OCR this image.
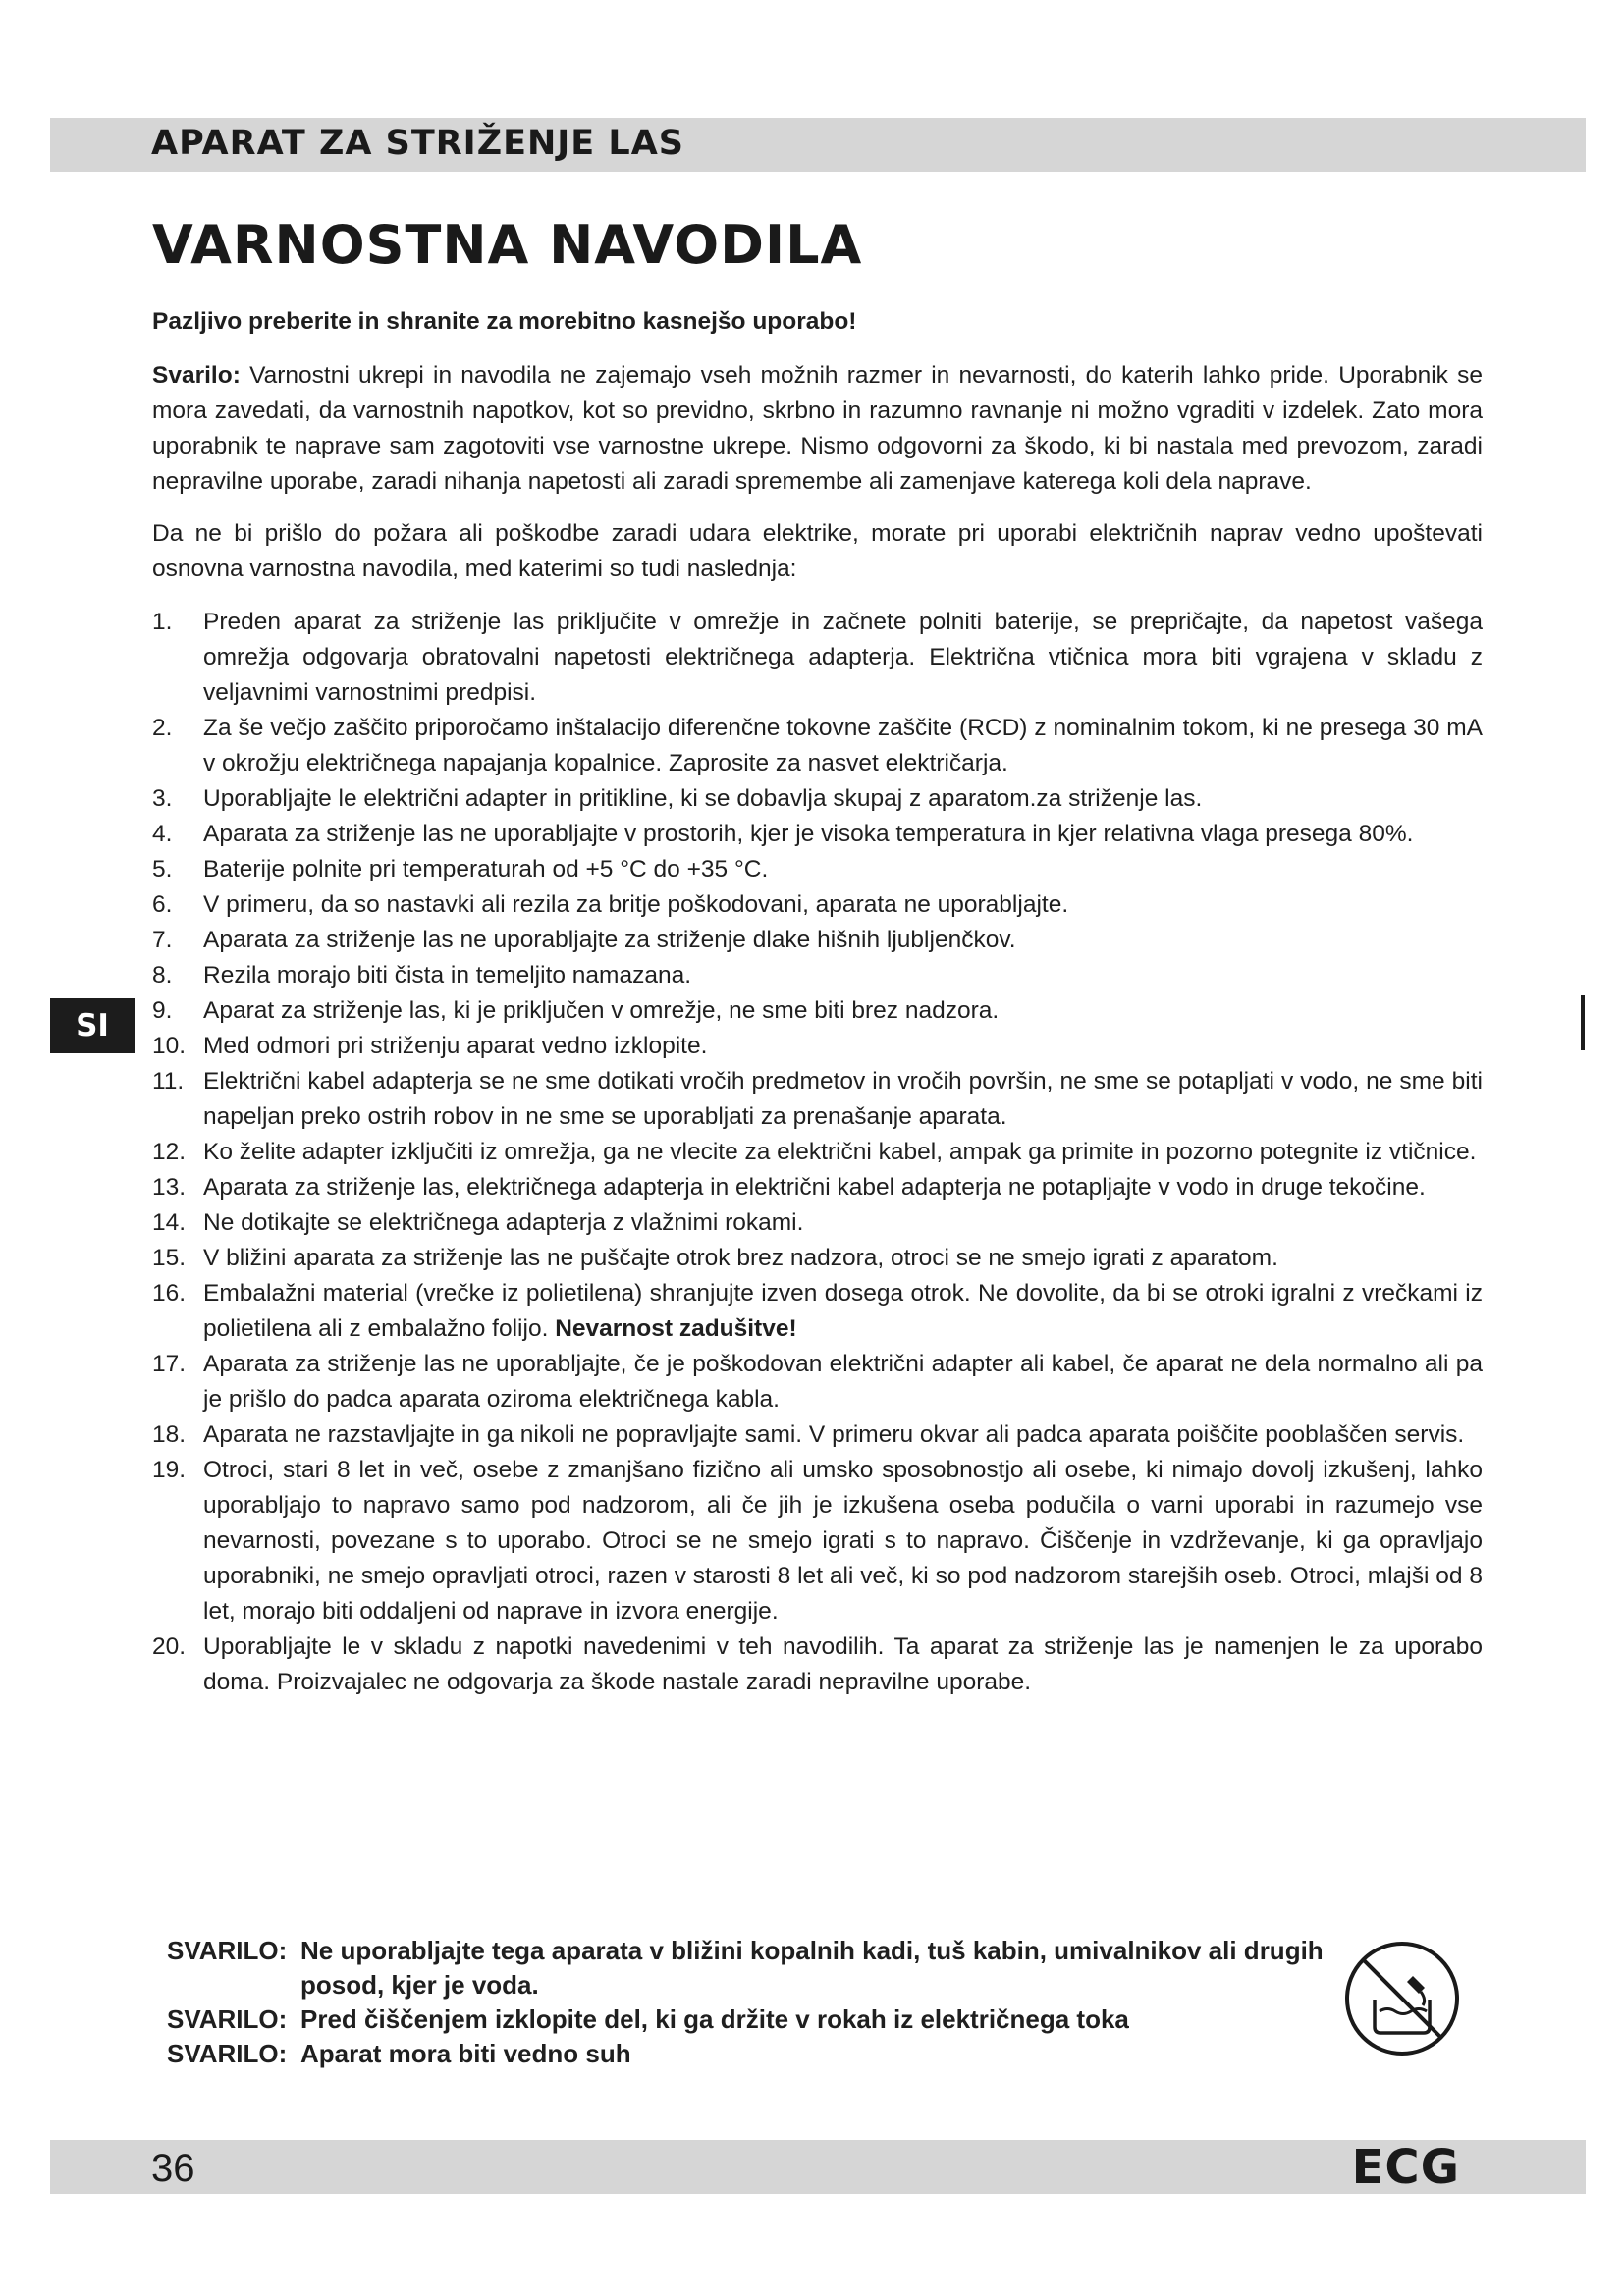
APARAT ZA STRIŽENJE LAS
VARNOSTNA NAVODILA

Pazljivo preberite in shranite za morebitno kasnejšo uporabo!

Svarilo: Varnostni ukrepi in navodila ne zajemajo vseh možnih razmer in nevarnosti, do katerih lahko pride. Uporabnik se mora zavedati, da varnostnih napotkov, kot so previdno, skrbno in razumno ravnanje ni možno vgraditi v izdelek. Zato mora uporabnik te naprave sam zagotoviti vse varnostne ukrepe. Nismo odgovorni za škodo, ki bi nastala med prevozom, zaradi nepravilne uporabe, zaradi nihanja napetosti ali zaradi spremembe ali zamenjave katerega koli dela naprave.

Da ne bi prišlo do požara ali poškodbe zaradi udara elektrike, morate pri uporabi električnih naprav vedno upoštevati osnovna varnostna navodila, med katerimi so tudi naslednja:

1. Preden aparat za striženje las priključite v omrežje in začnete polniti baterije, se prepričajte, da napetost vašega omrežja odgovarja obratovalni napetosti električnega adapterja. Električna vtičnica mora biti vgrajena v skladu z veljavnimi varnostnimi predpisi.
2. Za še večjo zaščito priporočamo inštalacijo diferenčne tokovne zaščite (RCD) z nominalnim tokom, ki ne presega 30 mA v okrožju električnega napajanja kopalnice. Zaprosite za nasvet električarja.
3. Uporabljajte le električni adapter in pritikline, ki se dobavlja skupaj z aparatom.za striženje las.
4. Aparata za striženje las ne uporabljajte v prostorih, kjer je visoka temperatura in kjer relativna vlaga presega 80%.
5. Baterije polnite pri temperaturah od +5 °C do +35 °C.
6. V primeru, da so nastavki ali rezila za britje poškodovani, aparata ne uporabljajte.
7. Aparata za striženje las ne uporabljajte za striženje dlake hišnih ljubljenčkov.
8. Rezila morajo biti čista in temeljito namazana.
9. Aparat za striženje las, ki je priključen v omrežje, ne sme biti brez nadzora.
10. Med odmori pri striženju aparat vedno izklopite.
11. Električni kabel adapterja se ne sme dotikati vročih predmetov in vročih površin, ne sme se potapljati v vodo, ne sme biti napeljan preko ostrih robov in ne sme se uporabljati za prenašanje aparata.
12. Ko želite adapter izključiti iz omrežja, ga ne vlecite za električni kabel, ampak ga primite in pozorno potegnite iz vtičnice.
13. Aparata za striženje las, električnega adapterja in električni kabel adapterja ne potapljajte v vodo in druge tekočine.
14. Ne dotikajte se električnega adapterja z vlažnimi rokami.
15. V bližini aparata za striženje las ne puščajte otrok brez nadzora, otroci se ne smejo igrati z aparatom.
16. Embalažni material (vrečke iz polietilena) shranjujte izven dosega otrok. Ne dovolite, da bi se otroki igralni z vrečkami iz polietilena ali z embalažno folijo. Nevarnost zadušitve!
17. Aparata za striženje las ne uporabljajte, če je poškodovan električni adapter ali kabel, če aparat ne dela normalno ali pa je prišlo do padca aparata oziroma električnega kabla.
18. Aparata ne razstavljajte in ga nikoli ne popravljajte sami. V primeru okvar ali padca aparata poiščite pooblaščen servis.
19. Otroci, stari 8 let in več, osebe z zmanjšano fizično ali umsko sposobnostjo ali osebe, ki nimajo dovolj izkušenj, lahko uporabljajo to napravo samo pod nadzorom, ali če jih je izkušena oseba podučila o varni uporabi in razumejo vse nevarnosti, povezane s to uporabo. Otroci se ne smejo igrati s to napravo. Čiščenje in vzdrževanje, ki ga opravljajo uporabniki, ne smejo opravljati otroci, razen v starosti 8 let ali več, ki so pod nadzorom starejših oseb. Otroci, mlajši od 8 let, morajo biti oddaljeni od naprave in izvora energije.
20. Uporabljajte le v skladu z napotki navedenimi v teh navodilih. Ta aparat za striženje las je namenjen le za uporabo doma. Proizvajalec ne odgovarja za škode nastale zaradi nepravilne uporabe.
SVARILO: Ne uporabljajte tega aparata v bližini kopalnih kadi, tuš kabin, umivalnikov ali drugih posod, kjer je voda.
SVARILO: Pred čiščenjem izklopite del, ki ga držite v rokah iz električnega toka
SVARILO: Aparat mora biti vedno suh
SI
36	ECG
